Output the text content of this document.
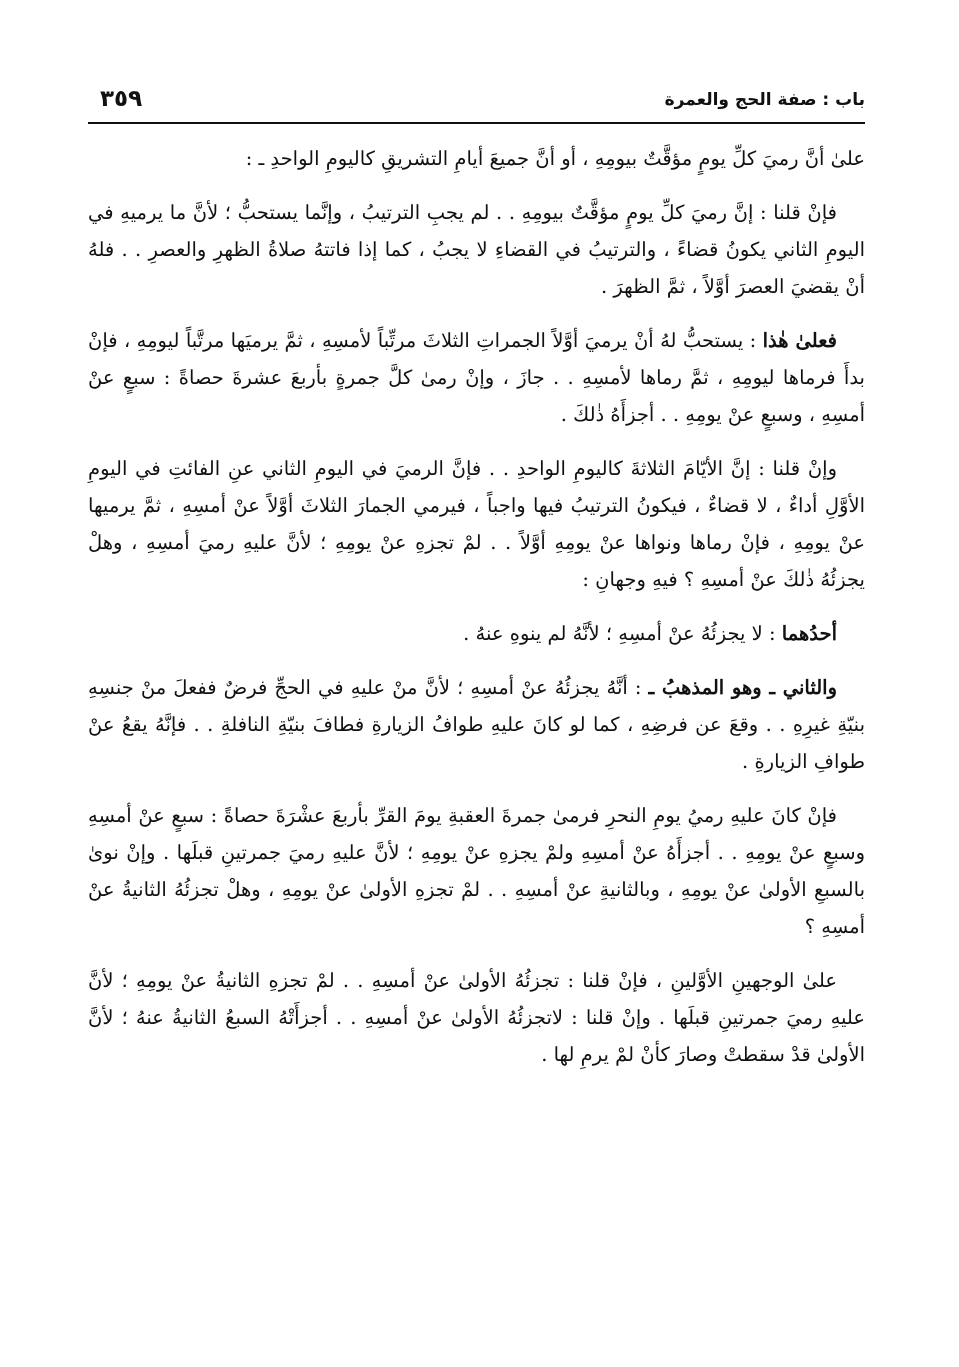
باب : صفة الحج والعمرة
٣٥٩

علىٰ أنَّ رميَ كلِّ يومٍ مؤقَّتٌ بيومِهِ ، أو أنَّ جميعَ أيامِ التشريقِ كاليومِ الواحدِ ـ :

فإنْ قلنا : إنَّ رميَ كلِّ يومٍ مؤقَّتٌ بيومِهِ . . لم يجبِ الترتيبُ ، وإنَّما يستحبُّ ؛ لأنَّ ما يرميهِ في اليومِ الثاني يكونُ قضاءً ، والترتيبُ في القضاءِ لا يجبُ ، كما إذا فاتتهُ صلاةُ الظهرِ والعصرِ . . فلهُ أنْ يقضيَ العصرَ أوَّلاً ، ثمَّ الظهرَ .

فعلىٰ هٰذا : يستحبُّ لهُ أنْ يرميَ أوَّلاً الجمراتِ الثلاثَ مرتِّباً لأمسِهِ ، ثمَّ يرميَها مرتَّباً ليومِهِ ، فإنْ بدأَ فرماها ليومِهِ ، ثمَّ رماها لأمسِهِ . . جازَ ، وإنْ رمىٰ كلَّ جمرةٍ بأربعَ عشرةَ حصاةً : سبعٍ عنْ أمسِهِ ، وسبعٍ عنْ يومِهِ . . أجزأَهُ ذٰلكَ .

وإنْ قلنا : إنَّ الأيّامَ الثلاثةَ كاليومِ الواحدِ . . فإنَّ الرميَ في اليومِ الثاني عنِ الفائتِ في اليومِ الأوَّلِ أداءٌ ، لا قضاءٌ ، فيكونُ الترتيبُ فيها واجباً ، فيرمي الجمارَ الثلاثَ أوَّلاً عنْ أمسِهِ ، ثمَّ يرميها عنْ يومِهِ ، فإنْ رماها ونواها عنْ يومِهِ أوَّلاً . . لمْ تجزهِ عنْ يومِهِ ؛ لأنَّ عليهِ رميَ أمسِهِ ، وهلْ يجزئُهُ ذٰلكَ عنْ أمسِهِ ؟ فيهِ وجهانِ :

أحدُهما : لا يجزئُهُ عنْ أمسِهِ ؛ لأنَّهُ لم ينوهِ عنهُ .

والثاني ـ وهو المذهبُ ـ : أنَّهُ يجزئُهُ عنْ أمسِهِ ؛ لأنَّ منْ عليهِ في الحجِّ فرضٌ ففعلَ منْ جنسِهِ بنيّةِ غيرِهِ . . وقعَ عن فرضِهِ ، كما لو كانَ عليهِ طوافُ الزيارةِ فطافَ بنيّةِ النافلةِ . . فإنَّهُ يقعُ عنْ طوافِ الزيارةِ .

فإنْ كانَ عليهِ رميُ يومِ النحرِ فرمىٰ جمرةَ العقبةِ يومَ القرِّ بأربعَ عشْرَةَ حصاةً : سبعٍ عنْ أمسِهِ وسبعٍ عنْ يومِهِ . . أجزأَهُ عنْ أمسِهِ ولمْ يجزهِ عنْ يومِهِ ؛ لأنَّ عليهِ رميَ جمرتينِ قبلَها . وإنْ نوىٰ بالسبعِ الأولىٰ عنْ يومِهِ ، وبالثانيةِ عنْ أمسِهِ . . لمْ تجزهِ الأولىٰ عنْ يومِهِ ، وهلْ تجزئُهُ الثانيةُ عنْ أمسِهِ ؟

علىٰ الوجهينِ الأوَّلينِ ، فإنْ قلنا : تجزئُهُ الأولىٰ عنْ أمسِهِ . . لمْ تجزهِ الثانيةُ عنْ يومِهِ ؛ لأنَّ عليهِ رميَ جمرتينِ قبلَها . وإنْ قلنا : لاتجزئُهُ الأولىٰ عنْ أمسِهِ . . أجزأَتْهُ السبعُ الثانيةُ عنهُ ؛ لأنَّ الأولىٰ قدْ سقطتْ وصارَ كأنْ لمْ يرمِ لها .
